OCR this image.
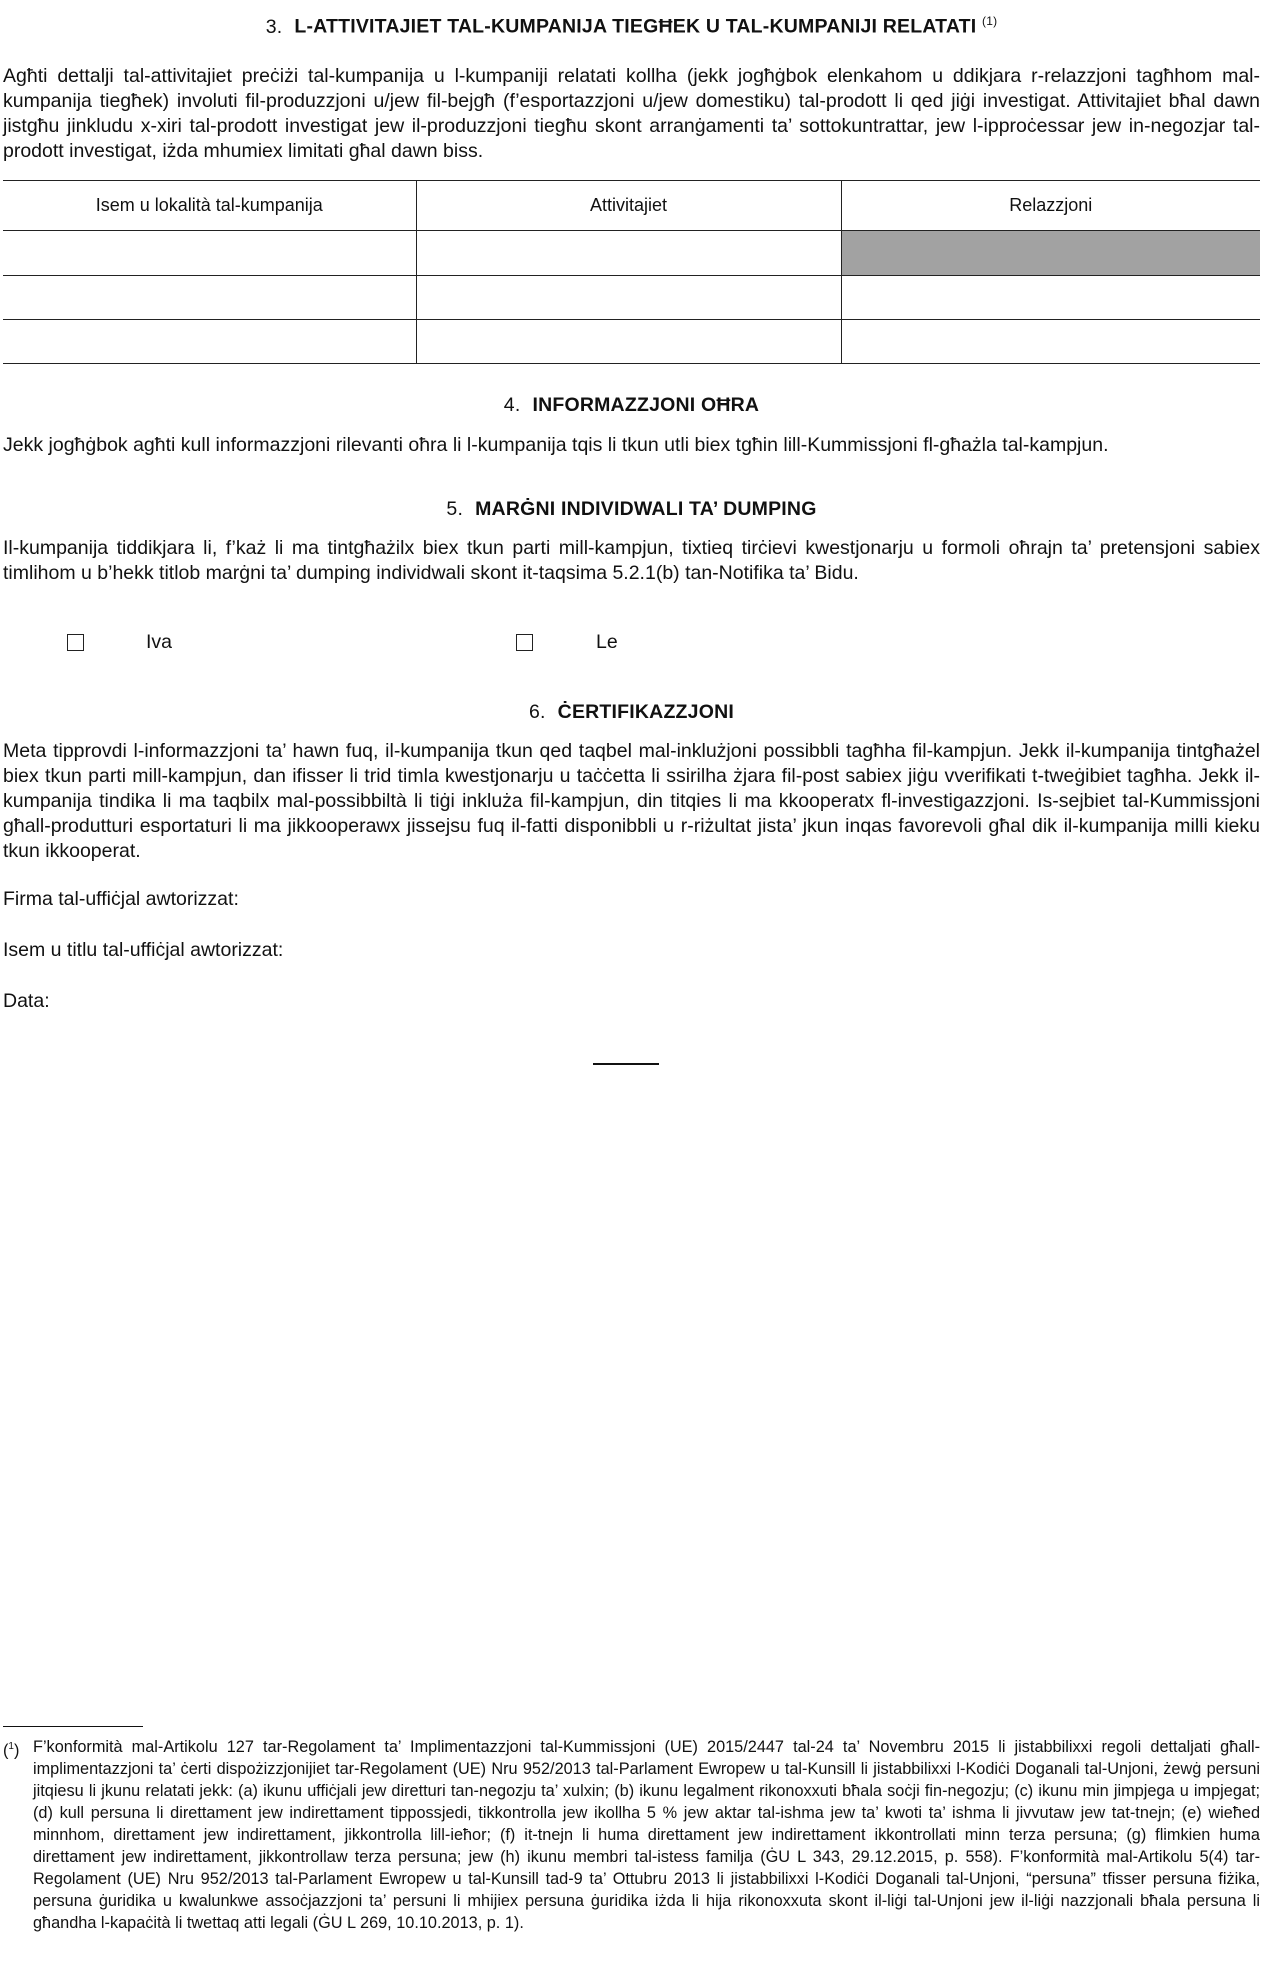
3. L-ATTIVITAJIET TAL-KUMPANIJA TIEGĦEK U TAL-KUMPANIJI RELATATI $^{(1)}$

Agħti dettalji tal-attivitajiet preċiżi tal-kumpanija u l-kumpaniji relatati kollha (jekk jogħġbok elenkahom u ddikjara r-relazzjoni tagħhom mal-kumpanija tiegħek) involuti fil-produzzjoni u/jew fil-bejgħ (f’esportazzjoni u/jew domestiku) tal-prodott li qed jiġi investigat. Attivitajiet bħal dawn jistgħu jinkludu x-xiri tal-prodott investigat jew il-produzzjoni tiegħu skont arranġamenti ta’ sottokuntrattar, jew l-ipproċessar jew in-negozjar tal-prodott investigat, iżda mhumiex limitati għal dawn biss.

Isem u lokalità tal-kumpanija	Attivitajiet	Relazzjoni

4. INFORMAZZJONI OĦRA

Jekk jogħġbok agħti kull informazzjoni rilevanti oħra li l-kumpanija tqis li tkun utli biex tgħin lill-Kummissjoni fl-għażla tal-kampjun.

5. MARĠNI INDIVIDWALI TA’ DUMPING

Il-kumpanija tiddikjara li, f’każ li ma tintgħażilx biex tkun parti mill-kampjun, tixtieq tirċievi kwestjonarju u formoli oħrajn ta’ pretensjoni sabiex timlihom u b’hekk titlob marġni ta’ dumping individwali skont it-taqsima 5.2.1(b) tan-Notifika ta’ Bidu.

Iva	Le
6. ĊERTIFIKAZZJONI

Meta tipprovdi l-informazzjoni ta’ hawn fuq, il-kumpanija tkun qed taqbel mal-inklużjoni possibbli tagħha fil-kampjun. Jekk il-kumpanija tintgħażel biex tkun parti mill-kampjun, dan ifisser li trid timla kwestjonarju u taċċetta li ssirilha żjara fil-post sabiex jiġu vverifikati t-tweġibiet tagħha. Jekk il-kumpanija tindika li ma taqbilx mal-possibbiltà li tiġi inkluża fil-kampjun, din titqies li ma kkooperatx fl-investigazzjoni. Is-sejbiet tal-Kummissjoni għall-produtturi esportaturi li ma jikkooperawx jissejsu fuq il-fatti disponibbli u r-riżultat jista’ jkun inqas favorevoli għal dik il-kumpanija milli kieku tkun ikkooperat.

Firma tal-uffiċjal awtorizzat:
Isem u titlu tal-uffiċjal awtorizzat:
Data:
($^1$) F’konformità mal-Artikolu 127 tar-Regolament ta’ Implimentazzjoni tal-Kummissjoni (UE) 2015/2447 tal-24 ta’ Novembru 2015 li jistabbilixxi regoli dettaljati għall-implimentazzjoni ta’ ċerti dispożizzjonijiet tar-Regolament (UE) Nru 952/2013 tal-Parlament Ewropew u tal-Kunsill li jistabbilixxi l-Kodiċi Doganali tal-Unjoni, żewġ persuni jitqiesu li jkunu relatati jekk: (a) ikunu uffiċjali jew diretturi tan-negozju ta’ xulxin; (b) ikunu legalment rikonoxxuti bħala soċji fin-negozju; (c) ikunu min jimpjega u impjegat; (d) kull persuna li direttament jew indirettament tippossjedi, tikkontrolla jew ikollha 5 % jew aktar tal-ishma jew ta’ kwoti ta’ ishma li jivvutaw jew tat-tnejn; (e) wieħed minnhom, direttament jew indirettament, jikkontrolla lill-ieħor; (f) it-tnejn li huma direttament jew indirettament ikkontrollati minn terza persuna; (g) flimkien huma direttament jew indirettament, jikkontrollaw terza persuna; jew (h) ikunu membri tal-istess familja (ĠU L 343, 29.12.2015, p. 558). F’konformità mal-Artikolu 5(4) tar-Regolament (UE) Nru 952/2013 tal-Parlament Ewropew u tal-Kunsill tad-9 ta’ Ottubru 2013 li jistabbilixxi l-Kodiċi Doganali tal-Unjoni, “persuna” tfisser persuna fiżika, persuna ġuridika u kwalunkwe assoċjazzjoni ta’ persuni li mhijiex persuna ġuridika iżda li hija rikonoxxuta skont il-liġi tal-Unjoni jew il-liġi nazzjonali bħala persuna li għandha l-kapaċità li twettaq atti legali (ĠU L 269, 10.10.2013, p. 1).
